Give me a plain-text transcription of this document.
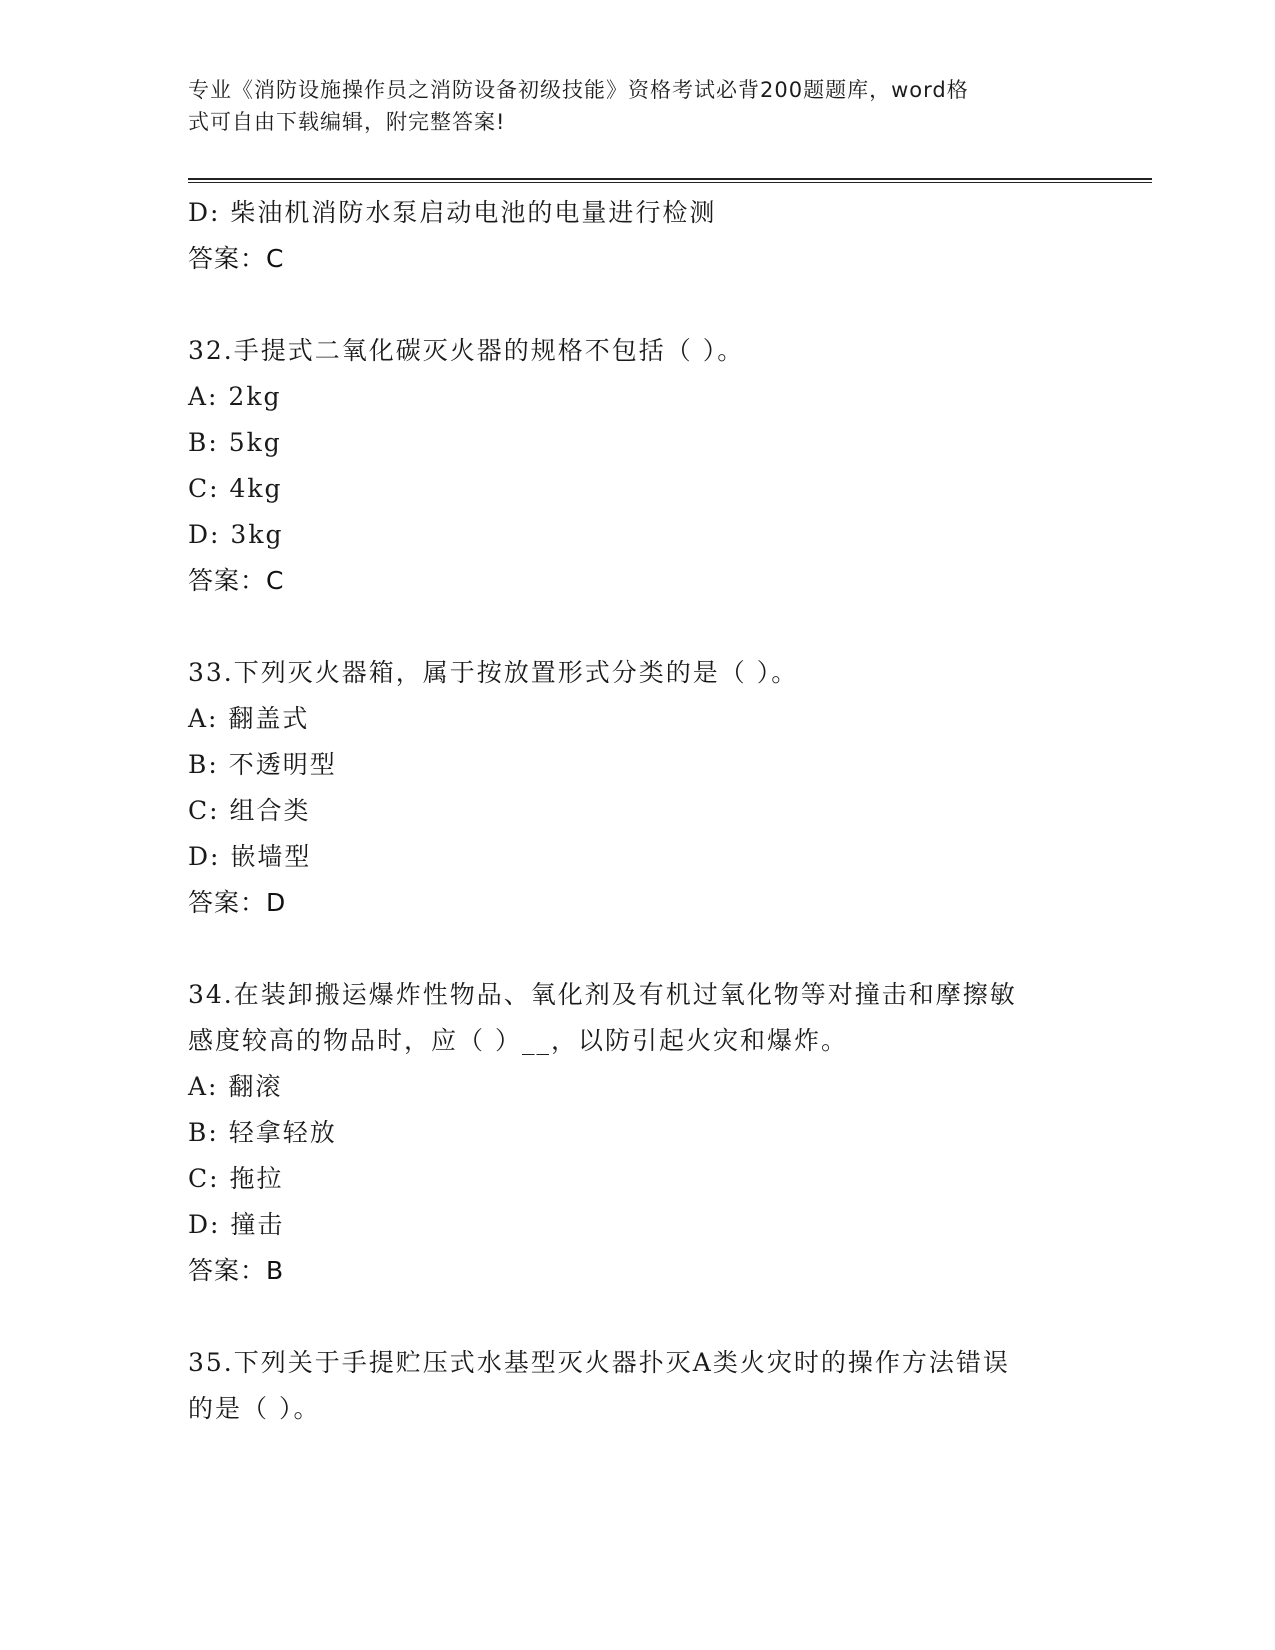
专业《消防设施操作员之消防设备初级技能》资格考试必背200题题库，word格
式可自由下载编辑，附完整答案!
D: 柴油机消防水泵启动电池的电量进行检测
答案：C
32.手提式二氧化碳灭火器的规格不包括（ ）。
A: 2kg
B: 5kg
C: 4kg
D: 3kg
答案：C
33.下列灭火器箱，属于按放置形式分类的是（ ）。
A: 翻盖式
B: 不透明型
C: 组合类
D: 嵌墙型
答案：D
34.在装卸搬运爆炸性物品、氧化剂及有机过氧化物等对撞击和摩擦敏
感度较高的物品时，应（ ）__，以防引起火灾和爆炸。
A: 翻滚
B: 轻拿轻放
C: 拖拉
D: 撞击
答案：B
35.下列关于手提贮压式水基型灭火器扑灭A类火灾时的操作方法错误
的是（ ）。
